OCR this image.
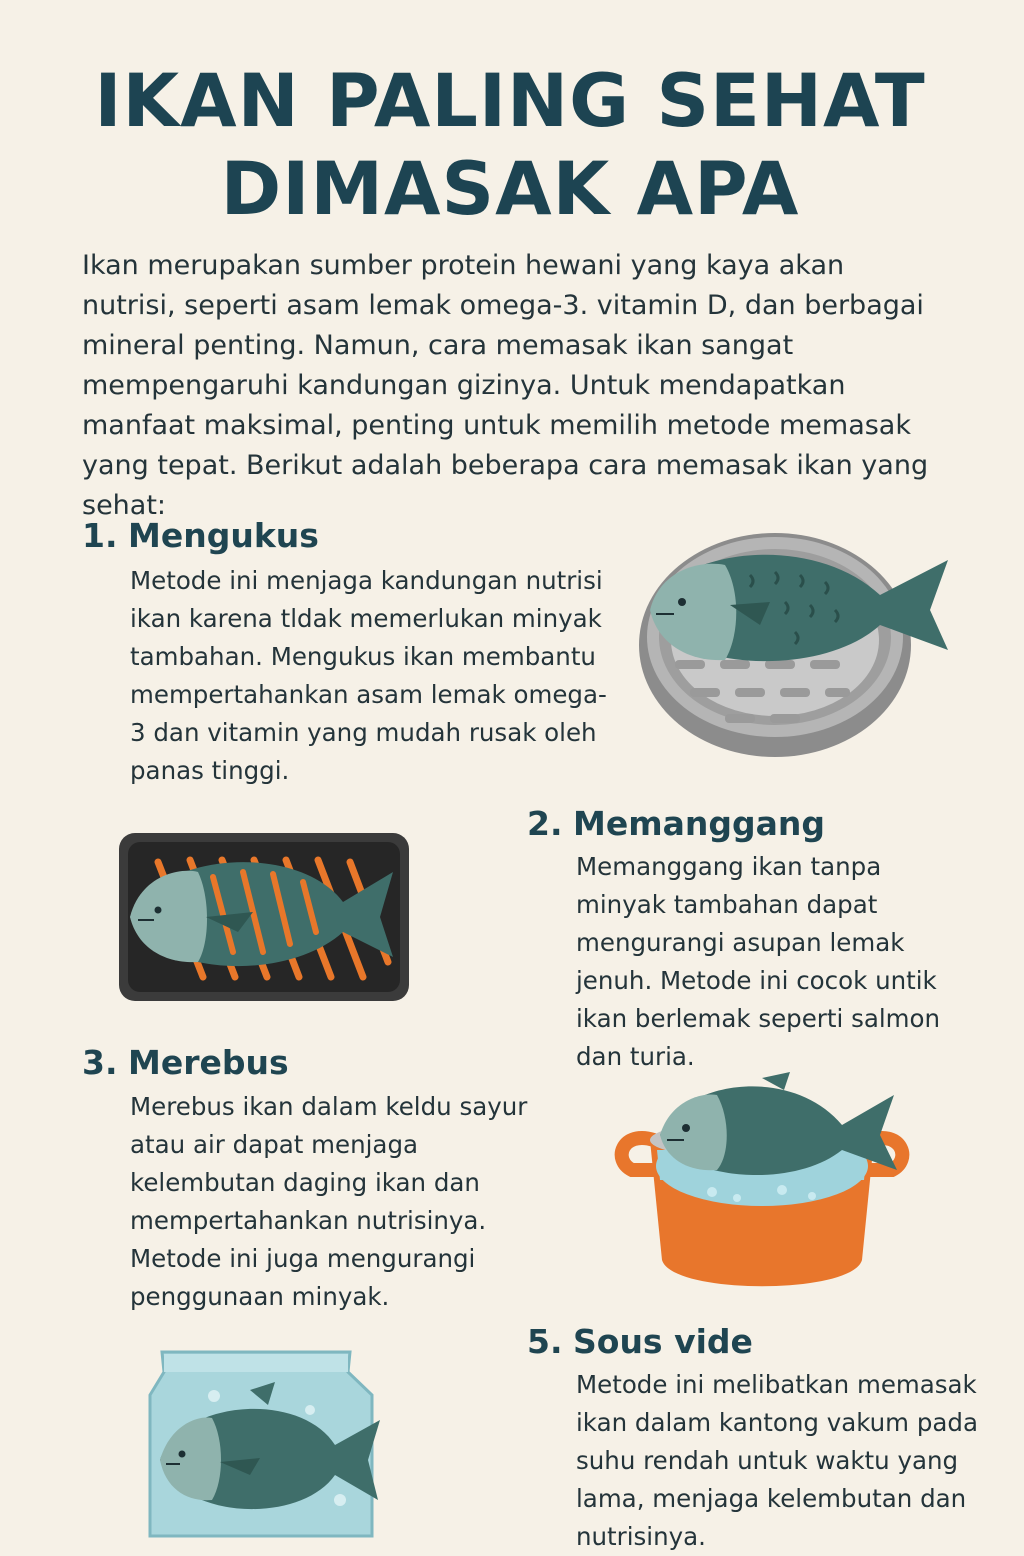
IKAN PALING SEHAT
DIMASAK APA

Ikan merupakan sumber protein hewani yang kaya akan nutrisi, seperti asam lemak omega-3. vitamin D, dan berbagai mineral penting. Namun, cara memasak ikan sangat mempengaruhi kandungan gizinya. Untuk mendapatkan manfaat maksimal, penting untuk memilih metode memasak yang tepat. Berikut adalah beberapa cara memasak ikan yang sehat:

1. Mengukus

Metode ini menjaga kandungan nutrisi ikan karena tldak memerlukan minyak tambahan. Mengukus ikan membantu mempertahankan asam lemak omega-3 dan vitamin yang mudah rusak oleh panas tinggi.

2. Memanggang

Memanggang ikan tanpa minyak tambahan dapat mengurangi asupan lemak jenuh. Metode ini cocok untik ikan berlemak seperti salmon dan turia.

3. Merebus

Merebus ikan dalam keldu sayur atau air dapat menjaga kelembutan daging ikan dan mempertahankan nutrisinya. Metode ini juga mengurangi penggunaan minyak.

5. Sous vide

Metode ini melibatkan memasak ikan dalam kantong vakum pada suhu rendah untuk waktu yang lama, menjaga kelembutan dan nutrisinya.
